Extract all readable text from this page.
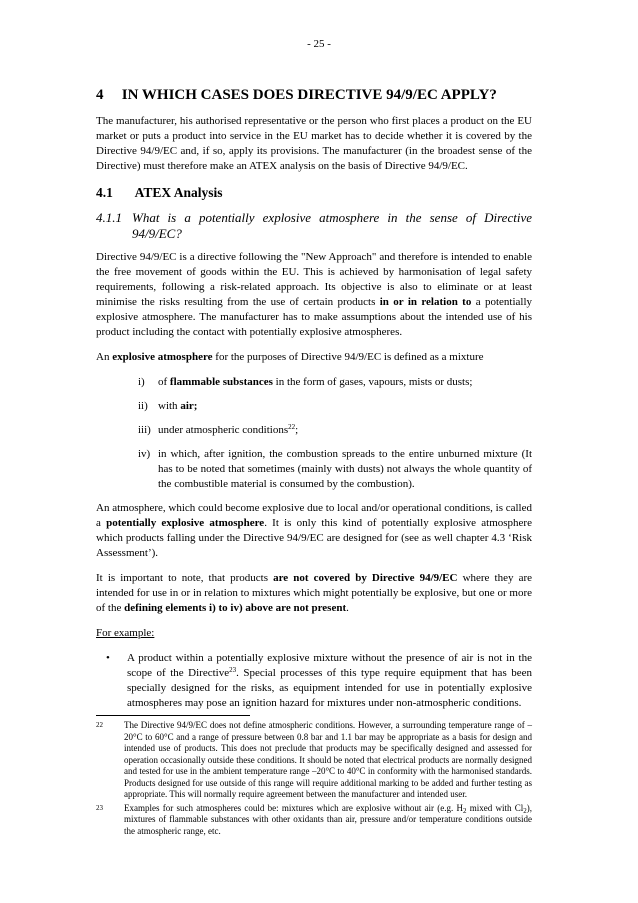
- 25 -
4 IN WHICH CASES DOES DIRECTIVE 94/9/EC APPLY?

The manufacturer, his authorised representative or the person who first places a product on the EU market or puts a product into service in the EU market has to decide whether it is covered by the Directive 94/9/EC and, if so, apply its provisions. The manufacturer (in the broadest sense of the Directive) must therefore make an ATEX analysis on the basis of Directive 94/9/EC.

4.1 ATEX Analysis
4.1.1 What is a potentially explosive atmosphere in the sense of Directive 94/9/EC?

Directive 94/9/EC is a directive following the "New Approach" and therefore is intended to enable the free movement of goods within the EU. This is achieved by harmonisation of legal safety requirements, following a risk-related approach. Its objective is also to eliminate or at least minimise the risks resulting from the use of certain products in or in relation to a potentially explosive atmosphere. The manufacturer has to make assumptions about the intended use of his product including the contact with potentially explosive atmospheres.

An explosive atmosphere for the purposes of Directive 94/9/EC is defined as a mixture

i)	of flammable substances in the form of gases, vapours, mists or dusts;
ii) with air;
iii) under atmospheric conditions$^{22}$;
iv) in which, after ignition, the combustion spreads to the entire unburned mixture (It has to be noted that sometimes (mainly with dusts) not always the whole quantity of the combustible material is consumed by the combustion).

An atmosphere, which could become explosive due to local and/or operational conditions, is called a potentially explosive atmosphere. It is only this kind of potentially explosive atmosphere which products falling under the Directive 94/9/EC are designed for (see as well chapter 4.3 ‘Risk Assessment’).

It is important to note, that products are not covered by Directive 94/9/EC where they are intended for use in or in relation to mixtures which might potentially be explosive, but one or more of the defining elements i) to iv) above are not present.

For example:

•	A product within a potentially explosive mixture without the presence of air is not in the scope of the Directive$^{23}$. Special processes of this type require equipment that has been specially designed for the risks, as equipment intended for use in potentially explosive atmospheres may pose an ignition hazard for mixtures under non-atmospheric conditions.
22	The Directive 94/9/EC does not define atmospheric conditions. However, a surrounding temperature range of –20°C to 60°C and a range of pressure between 0.8 bar and 1.1 bar may be appropriate as a basis for design and intended use of products. This does not preclude that products may be specifically designed and assessed for operation occasionally outside these conditions. It should be noted that electrical products are normally designed and tested for use in the ambient temperature range –20°C to 40°C in conformity with the harmonised standards. Products designed for use outside of this range will require additional marking to be added and further testing as appropriate. This will normally require agreement between the manufacturer and intended user.
23	Examples for such atmospheres could be: mixtures which are explosive without air (e.g. $H_2$ mixed with $Cl_2$), mixtures of flammable substances with other oxidants than air, pressure and/or temperature conditions outside the atmospheric range, etc.
